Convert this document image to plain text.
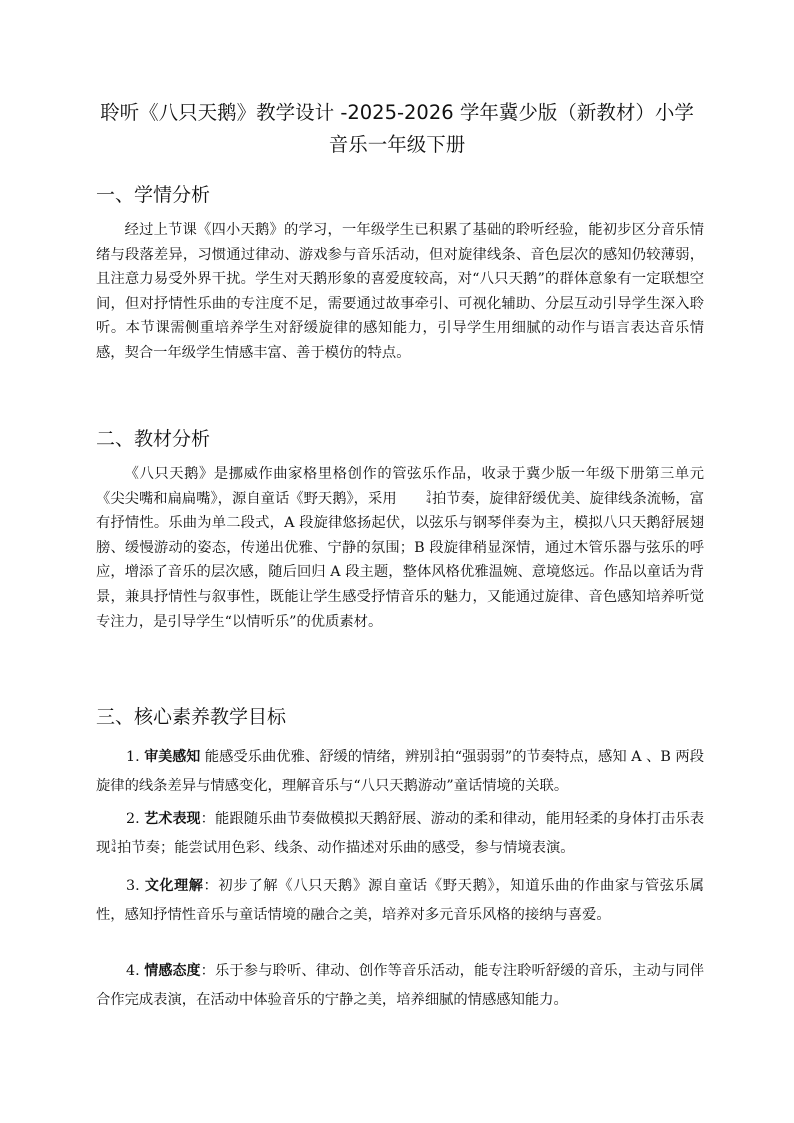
聆听《八只天鹅》教学设计 -2025-2026 学年冀少版（新教材）小学音乐一年级下册
一、学情分析

经过上节课《四小天鹅》的学习，一年级学生已积累了基础的聆听经验，能初步区分音乐情绪与段落差异，习惯通过律动、游戏参与音乐活动，但对旋律线条、音色层次的感知仍较薄弱，且注意力易受外界干扰。学生对天鹅形象的喜爱度较高，对“八只天鹅”的群体意象有一定联想空间，但对抒情性乐曲的专注度不足，需要通过故事牵引、可视化辅助、分层互动引导学生深入聆听。本节课需侧重培养学生对舒缓旋律的感知能力，引导学生用细腻的动作与语言表达音乐情感，契合一年级学生情感丰富、善于模仿的特点。

二、教材分析

《八只天鹅》是挪威作曲家格里格创作的管弦乐作品，收录于冀少版一年级下册第三单元《尖尖嘴和扁扁嘴》，源自童话《野天鹅》，采用	3
4 拍节奏，旋律舒缓优美、旋律线条流畅，富有抒情性。乐曲为单二段式，A 段旋律悠扬起伏，以弦乐与钢琴伴奏为主，模拟八只天鹅舒展翅膀、缓慢游动的姿态，传递出优雅、宁静的氛围；B 段旋律稍显深情，通过木管乐器与弦乐的呼应，增添了音乐的层次感，随后回归 A 段主题，整体风格优雅温婉、意境悠远。作品以童话为背景，兼具抒情性与叙事性，既能让学生感受抒情音乐的魅力，又能通过旋律、音色感知培养听觉专注力，是引导学生“以情听乐”的优质素材。

三、核心素养教学目标

1. 审美感知 能感受乐曲优雅、舒缓的情绪，辨别 3
4 拍“强弱弱”的节奏特点，感知 A 、B 两段旋律的线条差异与情感变化，理解音乐与“八只天鹅游动”童话情境的关联。

2. 艺术表现：能跟随乐曲节奏做模拟天鹅舒展、游动的柔和律动，能用轻柔的身体打击乐表现 3
4 拍节奏；能尝试用色彩、线条、动作描述对乐曲的感受，参与情境表演。

3. 文化理解：初步了解《八只天鹅》源自童话《野天鹅》，知道乐曲的作曲家与管弦乐属性，感知抒情性音乐与童话情境的融合之美，培养对多元音乐风格的接纳与喜爱。

4. 情感态度：乐于参与聆听、律动、创作等音乐活动，能专注聆听舒缓的音乐，主动与同伴合作完成表演，在活动中体验音乐的宁静之美，培养细腻的情感感知能力。
